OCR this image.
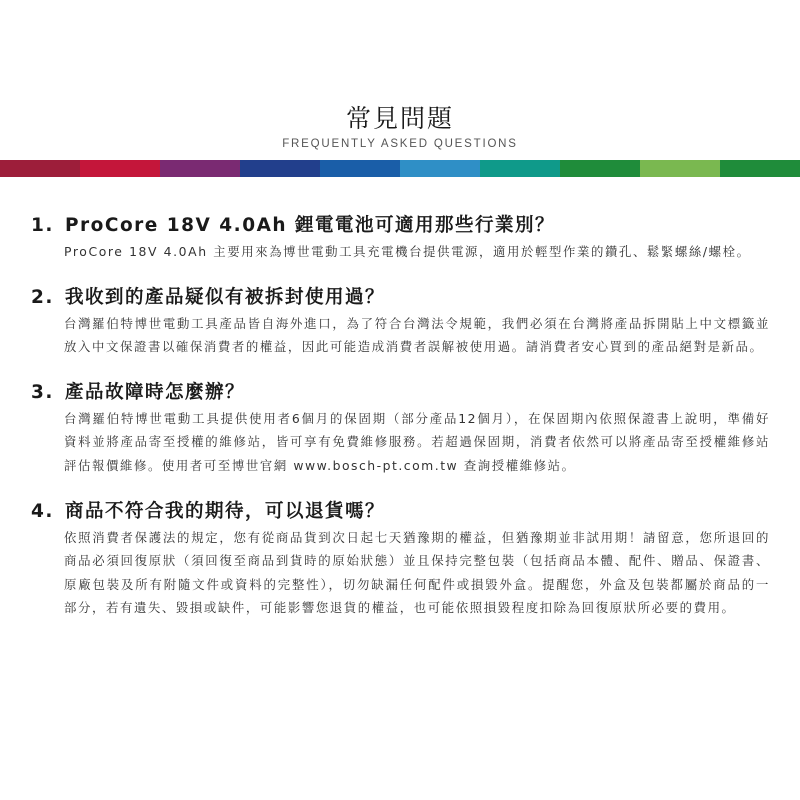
常見問題
FREQUENTLY ASKED QUESTIONS
1. ProCore 18V 4.0Ah 鋰電電池可適用那些行業別？

ProCore 18V 4.0Ah 主要用來為博世電動工具充電機台提供電源，適用於輕型作業的鑽孔、鬆緊螺絲/螺栓。

2. 我收到的產品疑似有被拆封使用過？

台灣羅伯特博世電動工具產品皆自海外進口，為了符合台灣法令規範，我們必須在台灣將產品拆開貼上中文標籤並放入中文保證書以確保消費者的權益，因此可能造成消費者誤解被使用過。請消費者安心買到的產品絕對是新品。

3. 產品故障時怎麼辦？

台灣羅伯特博世電動工具提供使用者6個月的保固期（部分產品12個月），在保固期內依照保證書上說明，準備好資料並將產品寄至授權的維修站，皆可享有免費維修服務。若超過保固期，消費者依然可以將產品寄至授權維修站評估報價維修。使用者可至博世官網 www.bosch-pt.com.tw 查詢授權維修站。

4. 商品不符合我的期待，可以退貨嗎？

依照消費者保護法的規定，您有從商品貨到次日起七天猶豫期的權益，但猶豫期並非試用期！請留意，您所退回的商品必須回復原狀（須回復至商品到貨時的原始狀態）並且保持完整包裝（包括商品本體、配件、贈品、保證書、原廠包裝及所有附隨文件或資料的完整性），切勿缺漏任何配件或損毀外盒。提醒您，外盒及包裝都屬於商品的一部分，若有遺失、毀損或缺件，可能影響您退貨的權益，也可能依照損毀程度扣除為回復原狀所必要的費用。
